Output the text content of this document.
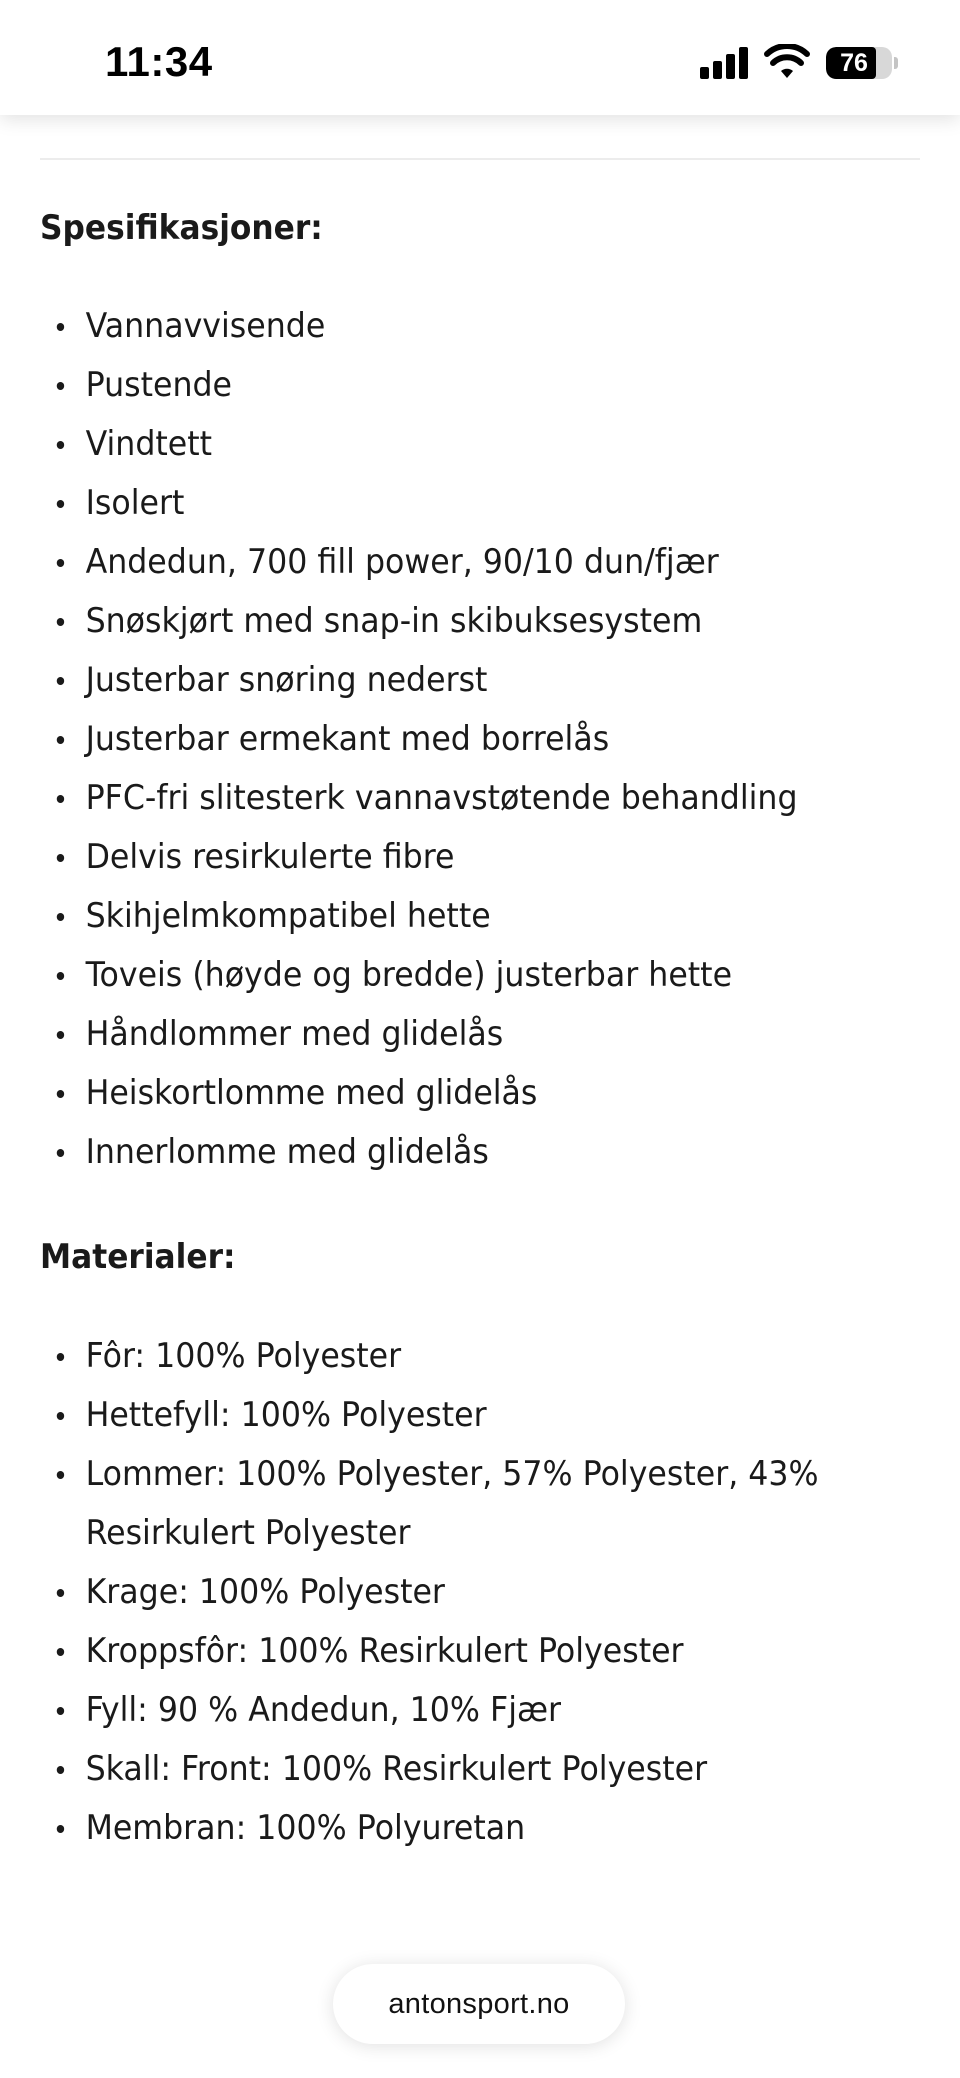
11:34	76
Spesifikasjoner:
Vannavvisende
Pustende
Vindtett
Isolert
Andedun, 700 fill power, 90/10 dun/fjær
Snøskjørt med snap-in skibuksesystem
Justerbar snøring nederst
Justerbar ermekant med borrelås
PFC-fri slitesterk vannavstøtende behandling
Delvis resirkulerte fibre
Skihjelmkompatibel hette
Toveis (høyde og bredde) justerbar hette
Håndlommer med glidelås
Heiskortlomme med glidelås
Innerlomme med glidelås
Materialer:
Fôr: 100% Polyester
Hettefyll: 100% Polyester
Lommer: 100% Polyester, 57% Polyester, 43%
Resirkulert Polyester
Krage: 100% Polyester
Kroppsfôr: 100% Resirkulert Polyester
Fyll: 90 % Andedun, 10% Fjær
Skall: Front: 100% Resirkulert Polyester
Membran: 100% Polyuretan
antonsport.no
